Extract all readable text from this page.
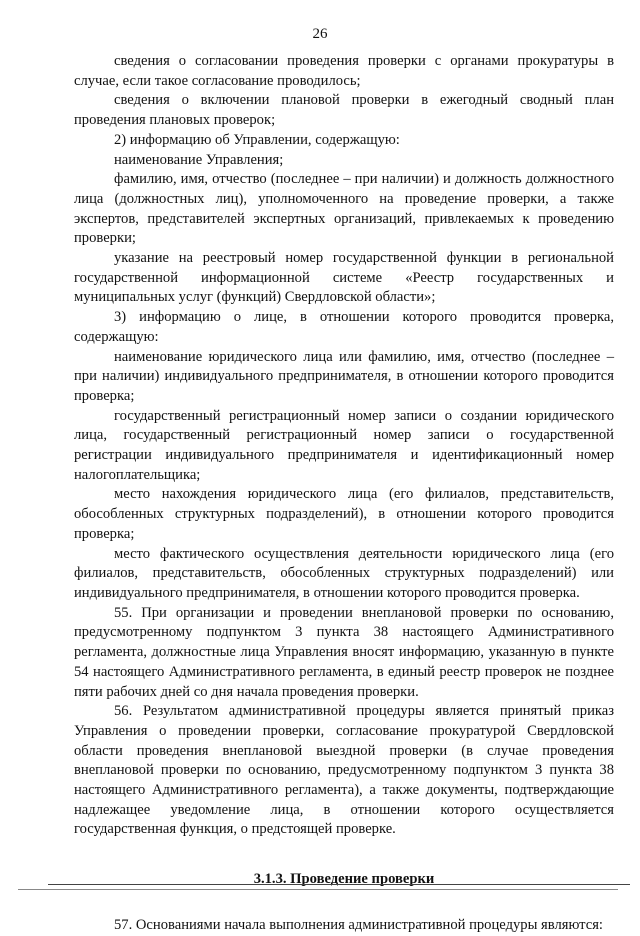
26

сведения о согласовании проведения проверки с органами прокуратуры в случае, если такое согласование проводилось;

сведения о включении плановой проверки в ежегодный сводный план проведения плановых проверок;

2) информацию об Управлении, содержащую:

наименование Управления;

фамилию, имя, отчество (последнее – при наличии) и должность должностного лица (должностных лиц), уполномоченного на проведение проверки, а также экспертов, представителей экспертных организаций, привлекаемых к проведению проверки;

указание на реестровый номер государственной функции в региональной государственной информационной системе «Реестр государственных и муниципальных услуг (функций) Свердловской области»;

3) информацию о лице, в отношении которого проводится проверка, содержащую:

наименование юридического лица или фамилию, имя, отчество (последнее – при наличии) индивидуального предпринимателя, в отношении которого проводится проверка;

государственный регистрационный номер записи о создании юридического лица, государственный регистрационный номер записи о государственной регистрации индивидуального предпринимателя и идентификационный номер налогоплательщика;

место нахождения юридического лица (его филиалов, представительств, обособленных структурных подразделений), в отношении которого проводится проверка;

место фактического осуществления деятельности юридического лица (его филиалов, представительств, обособленных структурных подразделений) или индивидуального предпринимателя, в отношении которого проводится проверка.

55. При организации и проведении внеплановой проверки по основанию, предусмотренному подпунктом 3 пункта 38 настоящего Административного регламента, должностные лица Управления вносят информацию, указанную в пункте 54 настоящего Административного регламента, в единый реестр проверок не позднее пяти рабочих дней со дня начала проведения проверки.

56. Результатом административной процедуры является принятый приказ Управления о проведении проверки, согласование прокуратурой Свердловской области проведения внеплановой выездной проверки (в случае проведения внеплановой проверки по основанию, предусмотренному подпунктом 3 пункта 38 настоящего Административного регламента), а также документы, подтверждающие надлежащее уведомление лица, в отношении которого осуществляется государственная функция, о предстоящей проверке.

3.1.3. Проведение проверки

57. Основаниями начала выполнения административной процедуры являются:
